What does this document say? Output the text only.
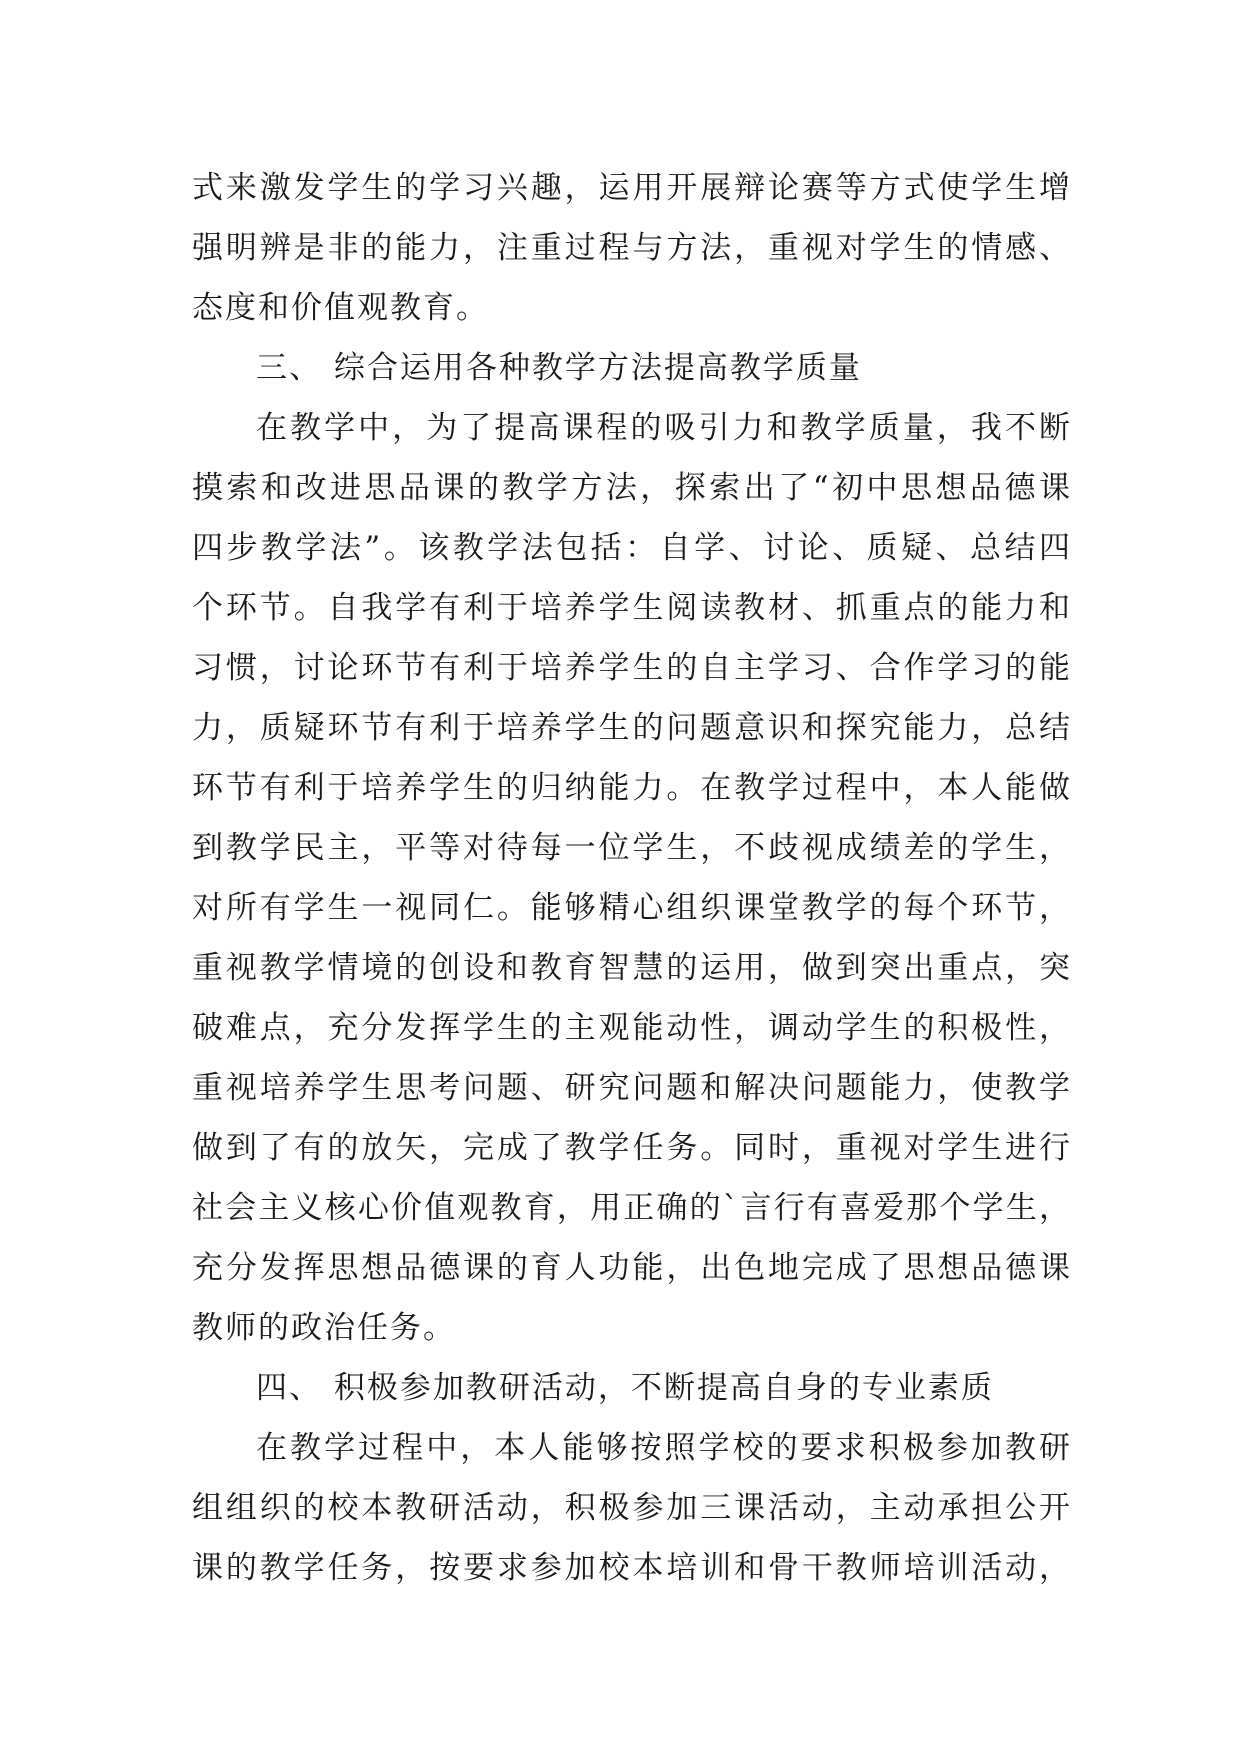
式来激发学生的学习兴趣，运用开展辩论赛等方式使学生增
强明辨是非的能力，注重过程与方法，重视对学生的情感、
态度和价值观教育。
三、 综合运用各种教学方法提高教学质量
在教学中，为了提高课程的吸引力和教学质量，我不断
摸索和改进思品课的教学方法，探索出了“初中思想品德课
四步教学法”。该教学法包括：自学、讨论、质疑、总结四
个环节。自我学有利于培养学生阅读教材、抓重点的能力和
习惯，讨论环节有利于培养学生的自主学习、合作学习的能
力，质疑环节有利于培养学生的问题意识和探究能力，总结
环节有利于培养学生的归纳能力。在教学过程中，本人能做
到教学民主，平等对待每一位学生，不歧视成绩差的学生，
对所有学生一视同仁。能够精心组织课堂教学的每个环节，
重视教学情境的创设和教育智慧的运用，做到突出重点，突
破难点，充分发挥学生的主观能动性，调动学生的积极性，
重视培养学生思考问题、研究问题和解决问题能力，使教学
做到了有的放矢，完成了教学任务。同时，重视对学生进行
社会主义核心价值观教育，用正确的`言行有喜爱那个学生，
充分发挥思想品德课的育人功能，出色地完成了思想品德课
教师的政治任务。
四、 积极参加教研活动，不断提高自身的专业素质
在教学过程中，本人能够按照学校的要求积极参加教研
组组织的校本教研活动，积极参加三课活动，主动承担公开
课的教学任务，按要求参加校本培训和骨干教师培训活动，
